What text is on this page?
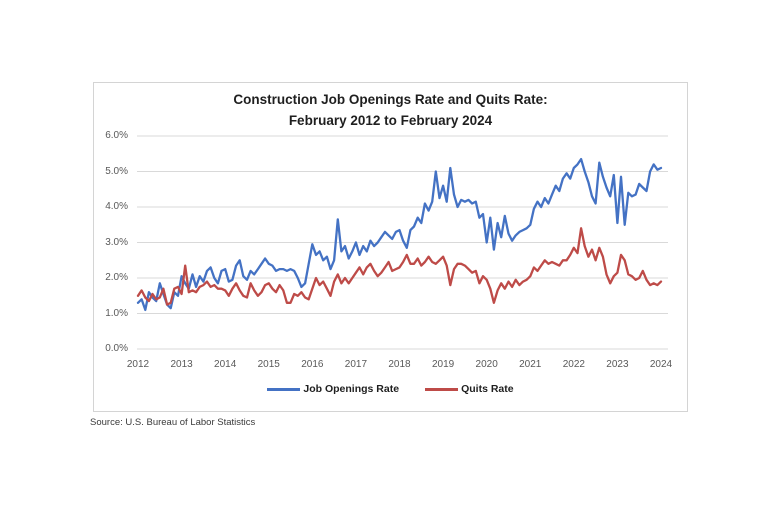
Construction Job Openings Rate and Quits Rate:
February 2012 to February 2024
0.0%
1.0%
2.0%
3.0%
4.0%
5.0%
6.0%
2012	2013	2014	2015	2016	2017	2018	2019	2020	2021	2022	2023	2024
Job Openings Rate	Quits Rate
Source: U.S. Bureau of Labor Statistics
